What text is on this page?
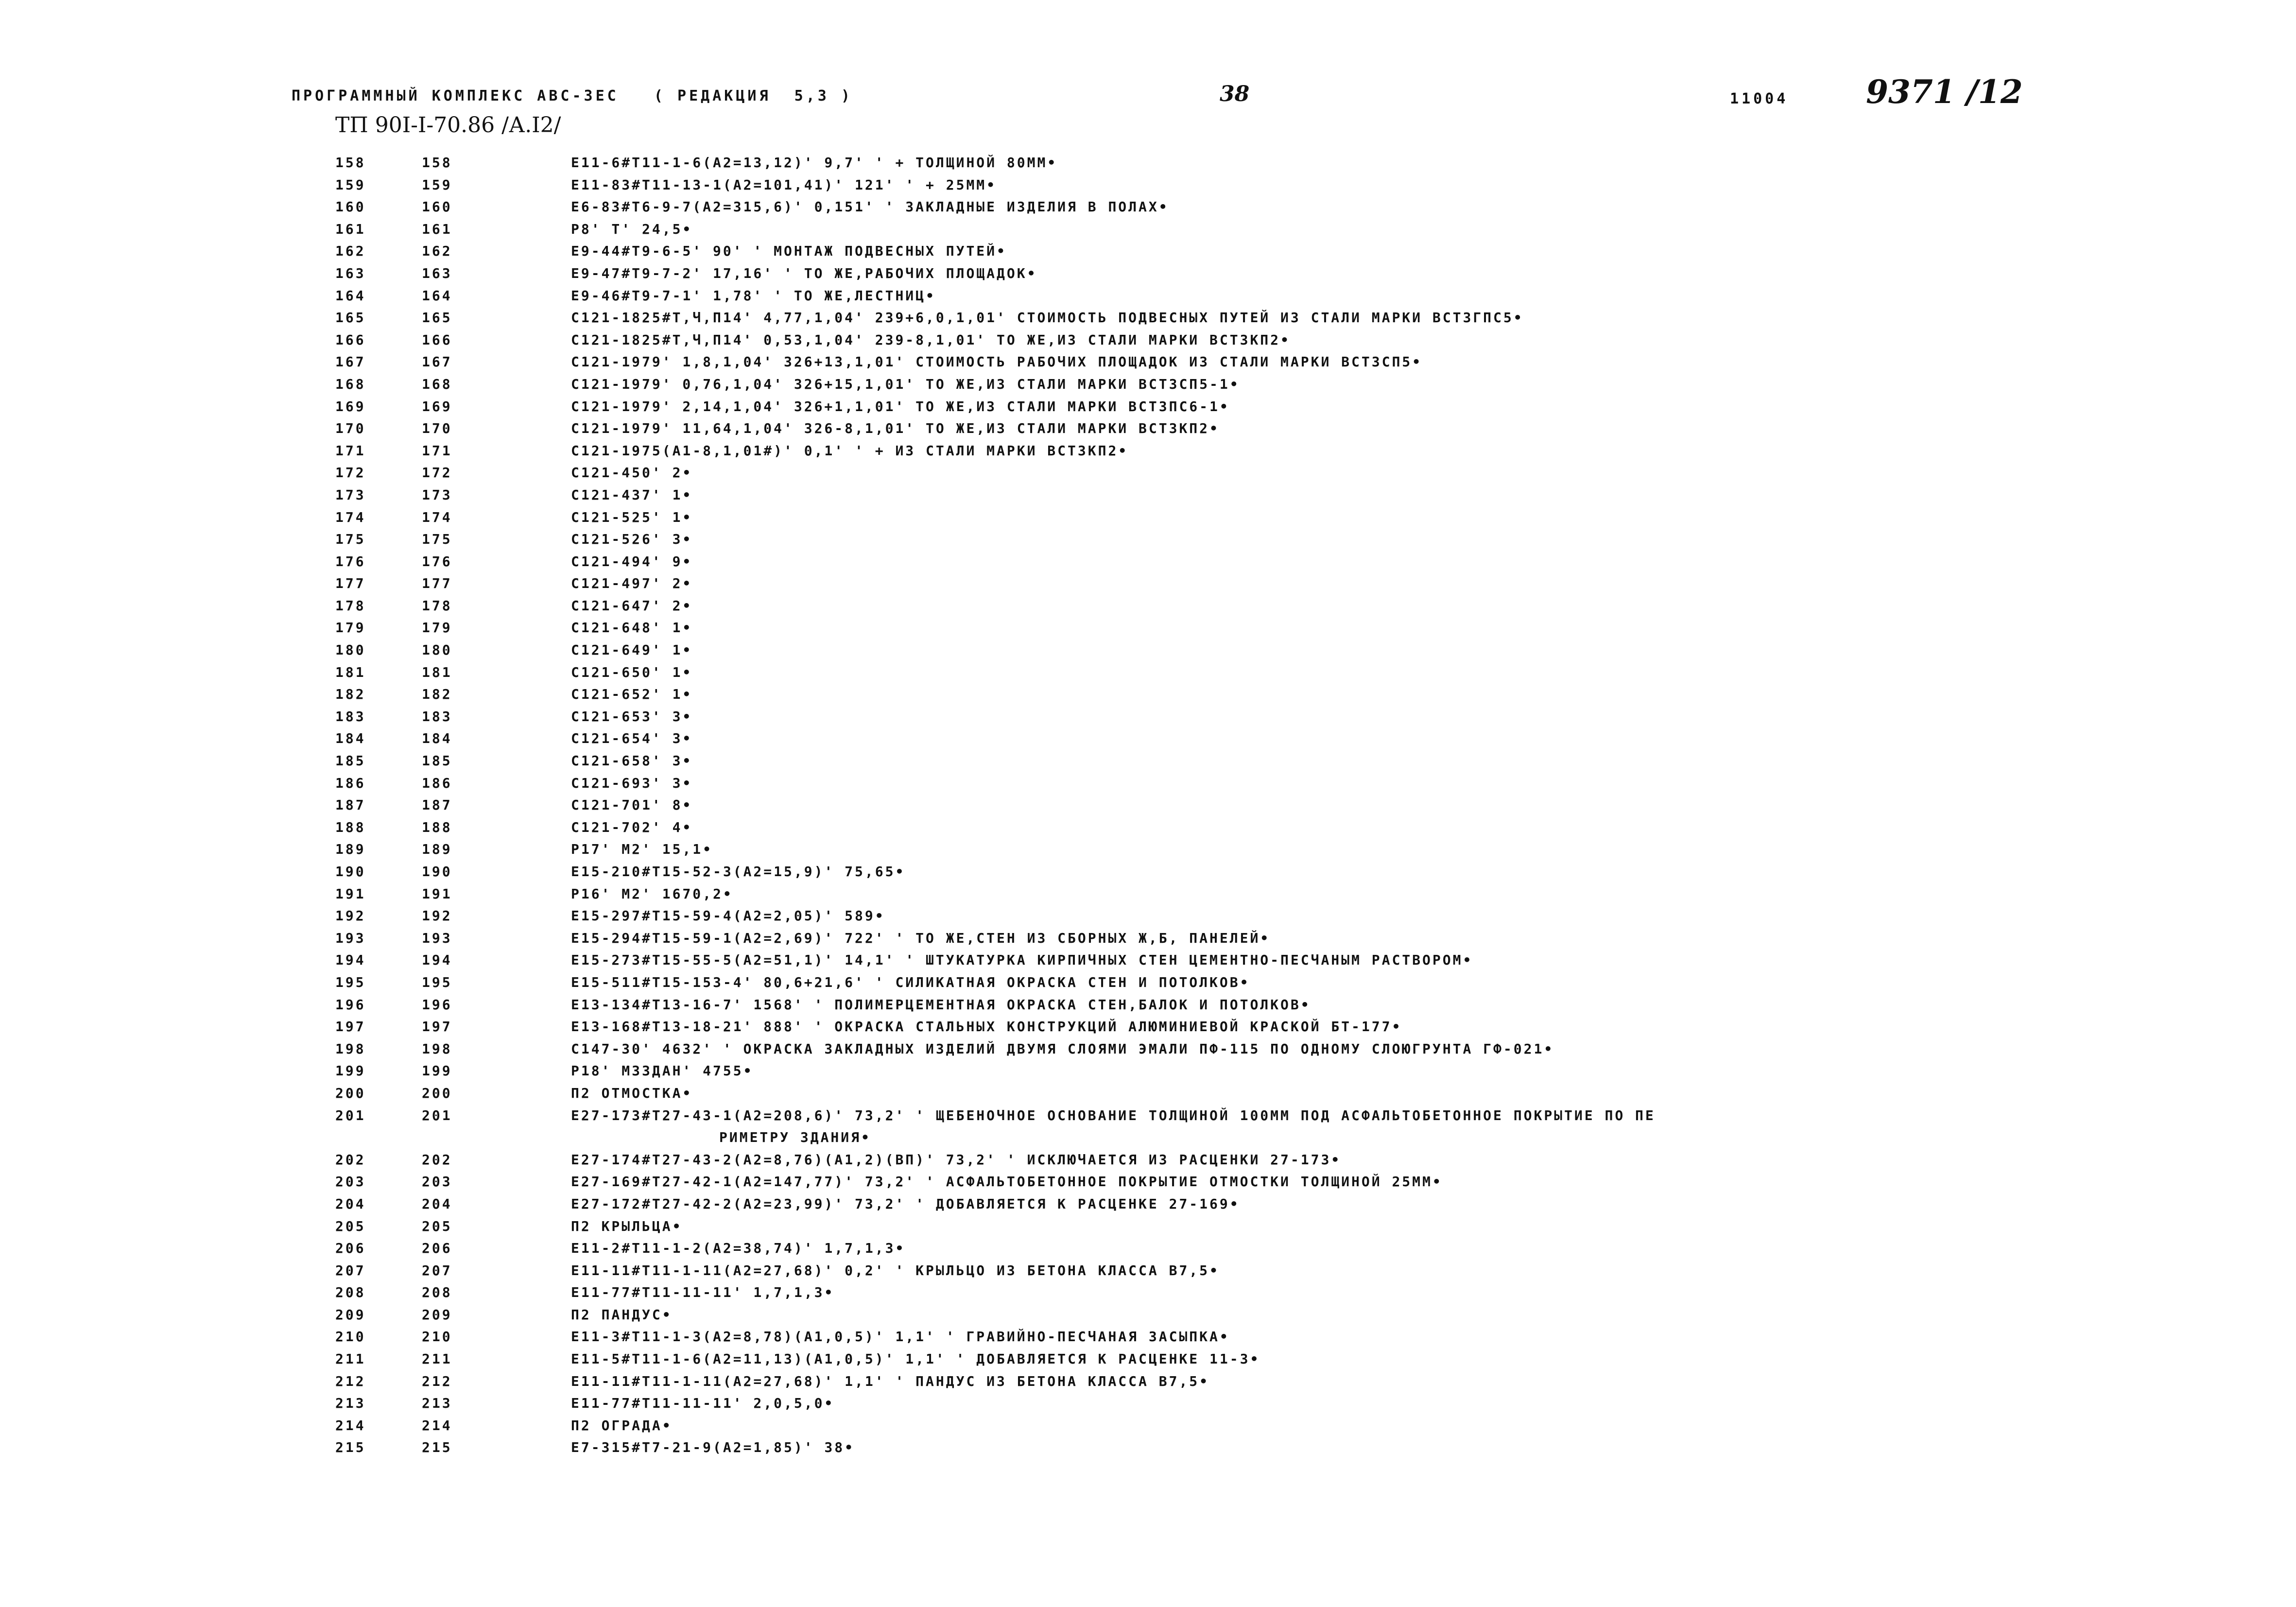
ПРОГРАММНЫЙ КОМПЛЕКС АВС-3ЕС   ( РЕДАКЦИЯ  5,3 )	38	11004 9371 /12
ТП 90I-I-70.86 /А.I2/
158	158	Е11-6#Т11-1-6(А2=13,12)' 9,7' ' + ТОЛЩИНОЙ 80ММ•
159	159	Е11-83#Т11-13-1(А2=101,41)' 121' ' + 25ММ•
160	160	Е6-83#Т6-9-7(А2=315,6)' 0,151' ' ЗАКЛАДНЫЕ ИЗДЕЛИЯ В ПОЛАХ•
161	161	Р8' Т' 24,5•
162	162	Е9-44#Т9-6-5' 90' ' МОНТАЖ ПОДВЕСНЫХ ПУТЕЙ•
163	163	Е9-47#Т9-7-2' 17,16' ' ТО ЖЕ,РАБОЧИХ ПЛОЩАДОК•
164	164	Е9-46#Т9-7-1' 1,78' ' ТО ЖЕ,ЛЕСТНИЦ•
165	165	С121-1825#Т,Ч,П14' 4,77,1,04' 239+6,0,1,01' СТОИМОСТЬ ПОДВЕСНЫХ ПУТЕЙ ИЗ СТАЛИ МАРКИ ВСТЗГПС5•
166	166	С121-1825#Т,Ч,П14' 0,53,1,04' 239-8,1,01' ТО ЖЕ,ИЗ СТАЛИ МАРКИ ВСТЗКП2•
167	167	С121-1979' 1,8,1,04' 326+13,1,01' СТОИМОСТЬ РАБОЧИХ ПЛОЩАДОК ИЗ СТАЛИ МАРКИ ВСТЗСП5•
168	168	С121-1979' 0,76,1,04' 326+15,1,01' ТО ЖЕ,ИЗ СТАЛИ МАРКИ ВСТЗСП5-1•
169	169	С121-1979' 2,14,1,04' 326+1,1,01' ТО ЖЕ,ИЗ СТАЛИ МАРКИ ВСТЗПС6-1•
170	170	С121-1979' 11,64,1,04' 326-8,1,01' ТО ЖЕ,ИЗ СТАЛИ МАРКИ ВСТЗКП2•
171	171	С121-1975(А1-8,1,01#)' 0,1' ' + ИЗ СТАЛИ МАРКИ ВСТЗКП2•
172	172	С121-450' 2•
173	173	С121-437' 1•
174	174	С121-525' 1•
175	175	С121-526' 3•
176	176	С121-494' 9•
177	177	С121-497' 2•
178	178	С121-647' 2•
179	179	С121-648' 1•
180	180	С121-649' 1•
181	181	С121-650' 1•
182	182	С121-652' 1•
183	183	С121-653' 3•
184	184	С121-654' 3•
185	185	С121-658' 3•
186	186	С121-693' 3•
187	187	С121-701' 8•
188	188	С121-702' 4•
189	189	Р17' М2' 15,1•
190	190	Е15-210#Т15-52-3(А2=15,9)' 75,65•
191	191	Р16' М2' 1670,2•
192	192	Е15-297#Т15-59-4(А2=2,05)' 589•
193	193	Е15-294#Т15-59-1(А2=2,69)' 722' ' ТО ЖЕ,СТЕН ИЗ СБОРНЫХ Ж,Б, ПАНЕЛЕЙ•
194	194	Е15-273#Т15-55-5(А2=51,1)' 14,1' ' ШТУКАТУРКА КИРПИЧНЫХ СТЕН ЦЕМЕНТНО-ПЕСЧАНЫМ РАСТВОРОМ•
195	195	Е15-511#Т15-153-4' 80,6+21,6' ' СИЛИКАТНАЯ ОКРАСКА СТЕН И ПОТОЛКОВ•
196	196	Е13-134#Т13-16-7' 1568' ' ПОЛИМЕРЦЕМЕНТНАЯ ОКРАСКА СТЕН,БАЛОК И ПОТОЛКОВ•
197	197	Е13-168#Т13-18-21' 888' ' ОКРАСКА СТАЛЬНЫХ КОНСТРУКЦИЙ АЛЮМИНИЕВОЙ КРАСКОЙ БТ-177•
198	198	С147-30' 4632' ' ОКРАСКА ЗАКЛАДНЫХ ИЗДЕЛИЙ ДВУМЯ СЛОЯМИ ЭМАЛИ ПФ-115 ПО ОДНОМУ СЛОЮГРУНТА ГФ-021•
199	199	Р18' МЗЗДАН' 4755•
200	200	П2 ОТМОСТКА•
201	201	Е27-173#Т27-43-1(А2=208,6)' 73,2' ' ЩЕБЕНОЧНОЕ ОСНОВАНИЕ ТОЛЩИНОЙ 100ММ ПОД АСФАЛЬТОБЕТОННОЕ ПОКРЫТИЕ ПО ПЕ
РИМЕТРУ ЗДАНИЯ•
202	202	Е27-174#Т27-43-2(А2=8,76)(А1,2)(ВП)' 73,2' ' ИСКЛЮЧАЕТСЯ ИЗ РАСЦЕНКИ 27-173•
203	203	Е27-169#Т27-42-1(А2=147,77)' 73,2' ' АСФАЛЬТОБЕТОННОЕ ПОКРЫТИЕ ОТМОСТКИ ТОЛЩИНОЙ 25ММ•
204	204	Е27-172#Т27-42-2(А2=23,99)' 73,2' ' ДОБАВЛЯЕТСЯ К РАСЦЕНКЕ 27-169•
205	205	П2 КРЫЛЬЦА•
206	206	Е11-2#Т11-1-2(А2=38,74)' 1,7,1,3•
207	207	Е11-11#Т11-1-11(А2=27,68)' 0,2' ' КРЫЛЬЦО ИЗ БЕТОНА КЛАССА В7,5•
208	208	Е11-77#Т11-11-11' 1,7,1,3•
209	209	П2 ПАНДУС•
210	210	Е11-3#Т11-1-3(А2=8,78)(А1,0,5)' 1,1' ' ГРАВИЙНО-ПЕСЧАНАЯ ЗАСЫПКА•
211	211	Е11-5#Т11-1-6(А2=11,13)(А1,0,5)' 1,1' ' ДОБАВЛЯЕТСЯ К РАСЦЕНКЕ 11-3•
212	212	Е11-11#Т11-1-11(А2=27,68)' 1,1' ' ПАНДУС ИЗ БЕТОНА КЛАССА В7,5•
213	213	Е11-77#Т11-11-11' 2,0,5,0•
214	214	П2 ОГРАДА•
215	215	Е7-315#Т7-21-9(А2=1,85)' 38•
